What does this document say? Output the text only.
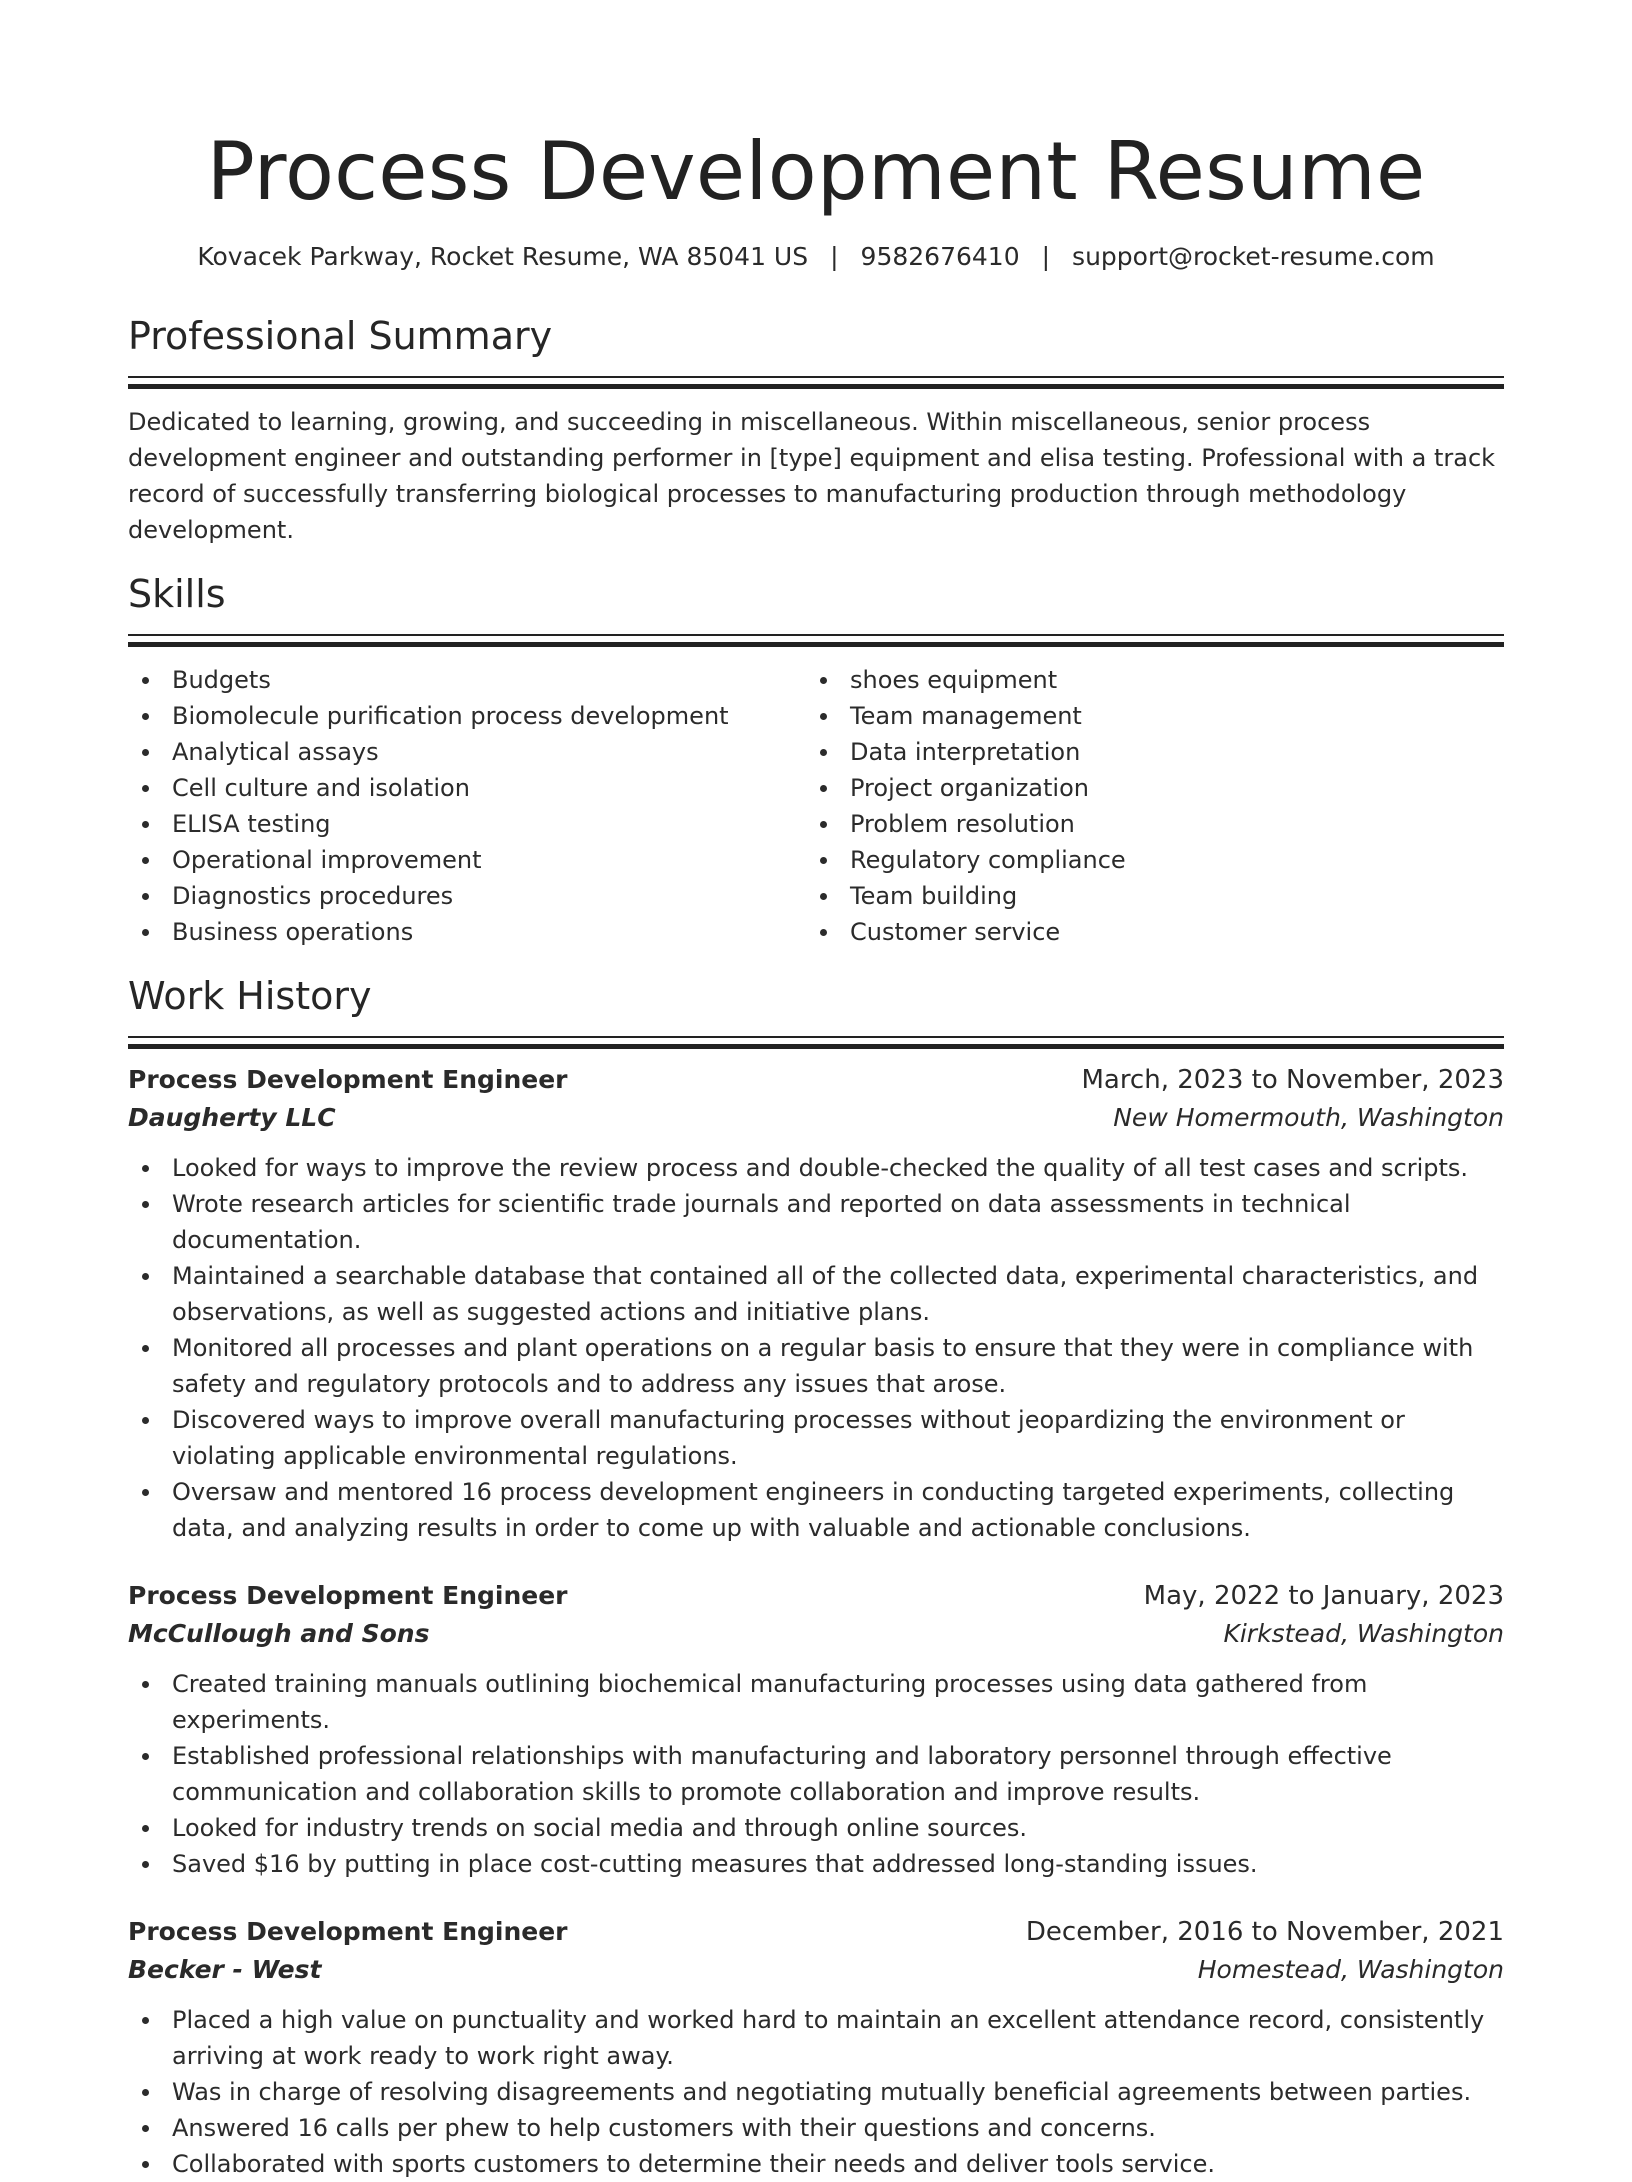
Process Development Resume
Kovacek Parkway, Rocket Resume, WA 85041 US | 9582676410 | support@rocket-resume.com
Professional Summary

Dedicated to learning, growing, and succeeding in miscellaneous. Within miscellaneous, senior process development engineer and outstanding performer in [type] equipment and elisa testing. Professional with a track record of successfully transferring biological processes to manufacturing production through methodology development.

Skills
Budgets
Biomolecule purification process development
Analytical assays
Cell culture and isolation
ELISA testing
Operational improvement
Diagnostics procedures
Business operations
shoes equipment
Team management
Data interpretation
Project organization
Problem resolution
Regulatory compliance
Team building
Customer service
Work History
Process Development Engineer	March, 2023 to November, 2023
Daugherty LLC	New Homermouth, Washington
Looked for ways to improve the review process and double-checked the quality of all test cases and scripts.
Wrote research articles for scientific trade journals and reported on data assessments in technical documentation.
Maintained a searchable database that contained all of the collected data, experimental characteristics, and observations, as well as suggested actions and initiative plans.
Monitored all processes and plant operations on a regular basis to ensure that they were in compliance with safety and regulatory protocols and to address any issues that arose.
Discovered ways to improve overall manufacturing processes without jeopardizing the environment or violating applicable environmental regulations.
Oversaw and mentored 16 process development engineers in conducting targeted experiments, collecting data, and analyzing results in order to come up with valuable and actionable conclusions.
Process Development Engineer	May, 2022 to January, 2023
McCullough and Sons	Kirkstead, Washington
Created training manuals outlining biochemical manufacturing processes using data gathered from experiments.
Established professional relationships with manufacturing and laboratory personnel through effective communication and collaboration skills to promote collaboration and improve results.
Looked for industry trends on social media and through online sources.
Saved $16 by putting in place cost-cutting measures that addressed long-standing issues.
Process Development Engineer	December, 2016 to November, 2021
Becker - West	Homestead, Washington
Placed a high value on punctuality and worked hard to maintain an excellent attendance record, consistently arriving at work ready to work right away.
Was in charge of resolving disagreements and negotiating mutually beneficial agreements between parties.
Answered 16 calls per phew to help customers with their questions and concerns.
Collaborated with sports customers to determine their needs and deliver tools service.
